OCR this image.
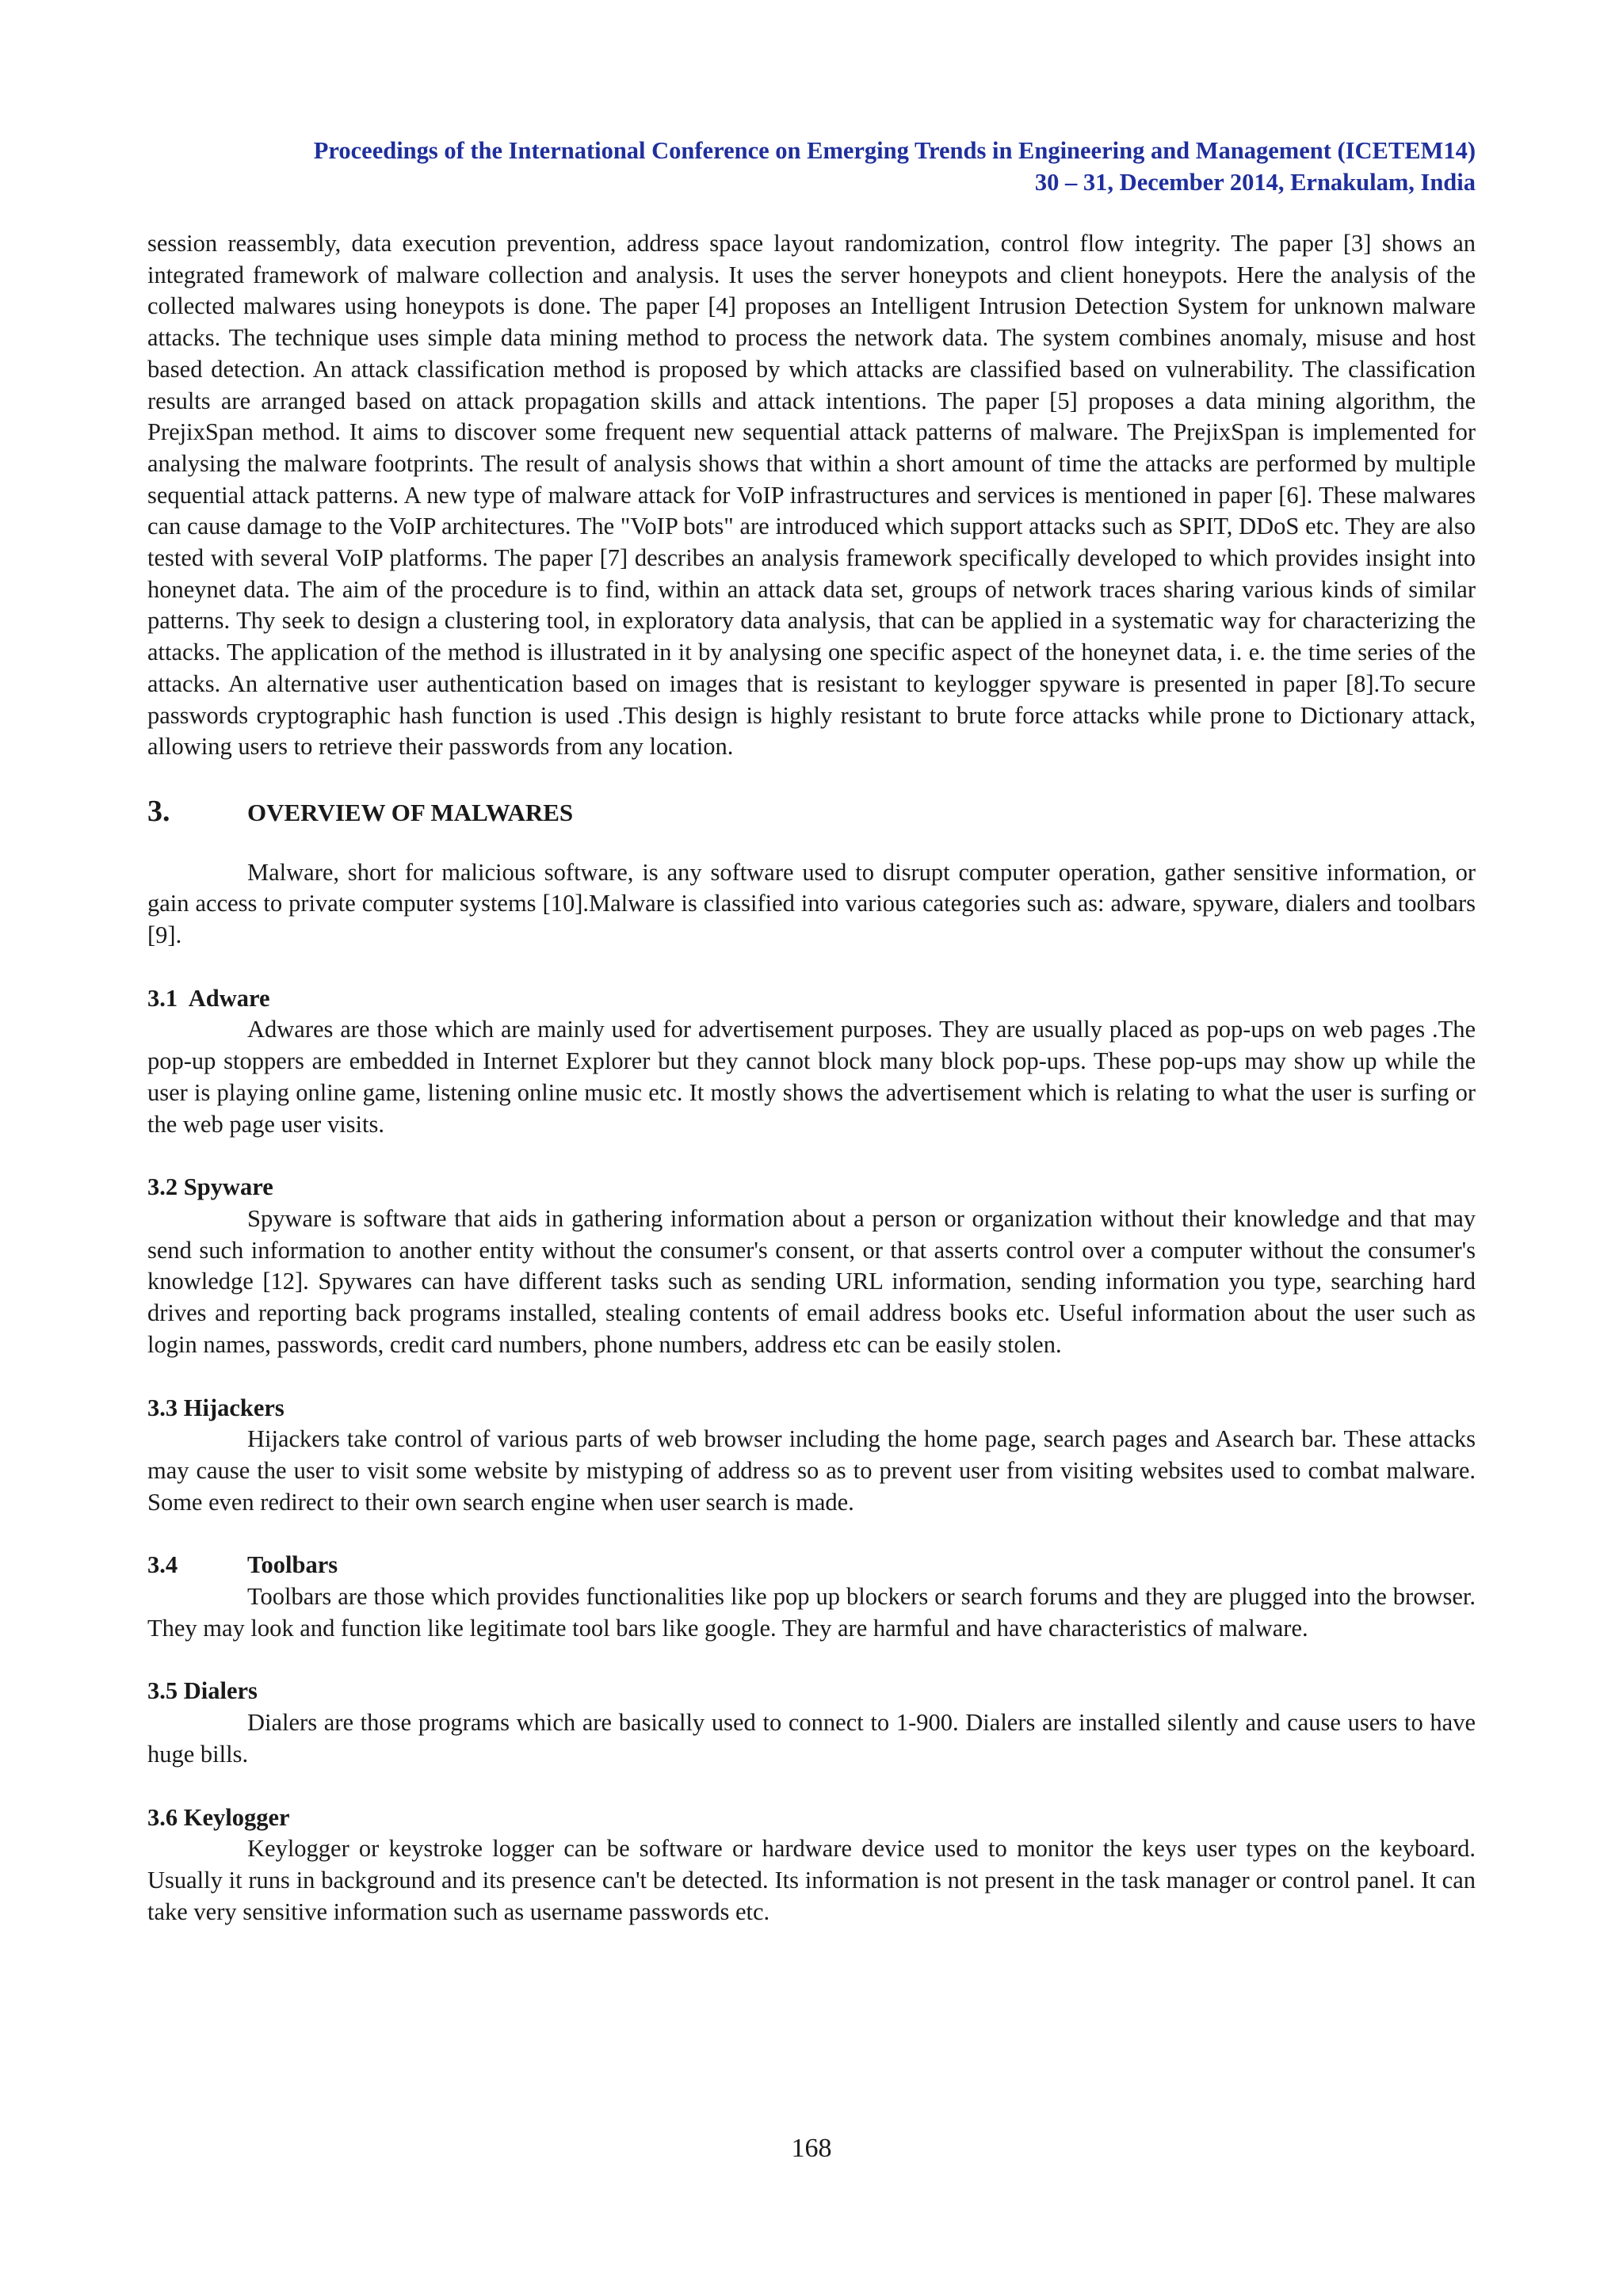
Proceedings of the International Conference on Emerging Trends in Engineering and Management (ICETEM14)
30 – 31, December 2014, Ernakulam, India

session reassembly, data execution prevention, address space layout randomization, control flow integrity. The paper [3] shows an integrated framework of malware collection and analysis. It uses the server honeypots and client honeypots. Here the analysis of the collected malwares using honeypots is done. The paper [4] proposes an Intelligent Intrusion Detection System for unknown malware attacks. The technique uses simple data mining method to process the network data. The system combines anomaly, misuse and host based detection. An attack classification method is proposed by which attacks are classified based on vulnerability. The classification results are arranged based on attack propagation skills and attack intentions. The paper [5] proposes a data mining algorithm, the PrejixSpan method. It aims to discover some frequent new sequential attack patterns of malware. The PrejixSpan is implemented for analysing the malware footprints. The result of analysis shows that within a short amount of time the attacks are performed by multiple sequential attack patterns. A new type of malware attack for VoIP infrastructures and services is mentioned in paper [6]. These malwares can cause damage to the VoIP architectures. The "VoIP bots" are introduced which support attacks such as SPIT, DDoS etc. They are also tested with several VoIP platforms. The paper [7] describes an analysis framework specifically developed to which provides insight into honeynet data. The aim of the procedure is to find, within an attack data set, groups of network traces sharing various kinds of similar patterns. Thy seek to design a clustering tool, in exploratory data analysis, that can be applied in a systematic way for characterizing the attacks. The application of the method is illustrated in it by analysing one specific aspect of the honeynet data, i. e. the time series of the attacks. An alternative user authentication based on images that is resistant to keylogger spyware is presented in paper [8].To secure passwords cryptographic hash function is used .This design is highly resistant to brute force attacks while prone to Dictionary attack, allowing users to retrieve their passwords from any location.

3.	OVERVIEW OF MALWARES

Malware, short for malicious software, is any software used to disrupt computer operation, gather sensitive information, or gain access to private computer systems [10].Malware is classified into various categories such as: adware, spyware, dialers and toolbars [9].

3.1 Adware

Adwares are those which are mainly used for advertisement purposes. They are usually placed as pop-ups on web pages .The pop-up stoppers are embedded in Internet Explorer but they cannot block many block pop-ups. These pop-ups may show up while the user is playing online game, listening online music etc. It mostly shows the advertisement which is relating to what the user is surfing or the web page user visits.

3.2 Spyware

Spyware is software that aids in gathering information about a person or organization without their knowledge and that may send such information to another entity without the consumer's consent, or that asserts control over a computer without the consumer's knowledge [12]. Spywares can have different tasks such as sending URL information, sending information you type, searching hard drives and reporting back programs installed, stealing contents of email address books etc. Useful information about the user such as login names, passwords, credit card numbers, phone numbers, address etc can be easily stolen.

3.3 Hijackers

Hijackers take control of various parts of web browser including the home page, search pages and Asearch bar. These attacks may cause the user to visit some website by mistyping of address so as to prevent user from visiting websites used to combat malware. Some even redirect to their own search engine when user search is made.

3.4	Toolbars

Toolbars are those which provides functionalities like pop up blockers or search forums and they are plugged into the browser. They may look and function like legitimate tool bars like google. They are harmful and have characteristics of malware.

3.5 Dialers

Dialers are those programs which are basically used to connect to 1-900. Dialers are installed silently and cause users to have huge bills.

3.6 Keylogger

Keylogger or keystroke logger can be software or hardware device used to monitor the keys user types on the keyboard. Usually it runs in background and its presence can't be detected. Its information is not present in the task manager or control panel. It can take very sensitive information such as username passwords etc.

168
